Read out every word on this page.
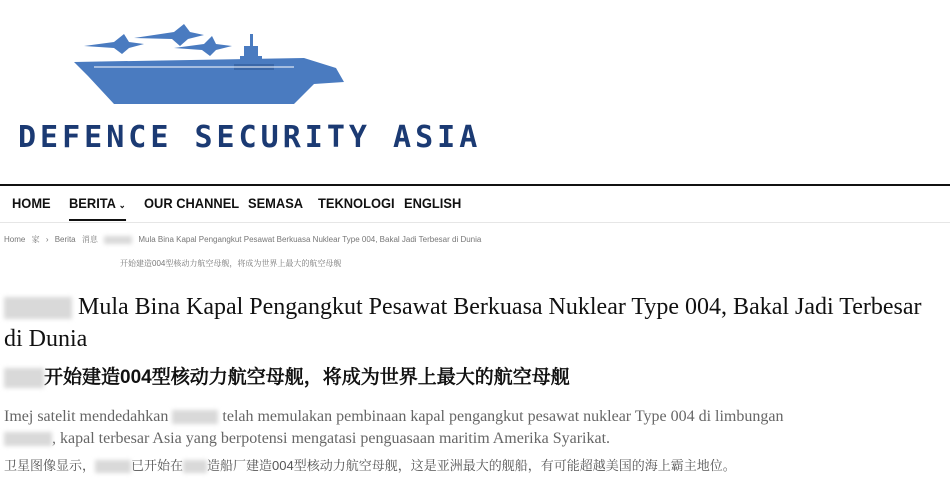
DEFENCE SECURITY ASIA
HOME BERITA ⌄ OUR CHANNEL SEMASA TEKNOLOGI ENGLISH
Home 家 › Berita 消息	Mula Bina Kapal Pengangkut Pesawat Berkuasa Nuklear Type 004, Bakal Jadi Terbesar di Dunia
开始建造004型核动力航空母舰，将成为世界上最大的航空母舰
Mula Bina Kapal Pengangkut Pesawat Berkuasa Nuklear Type 004, Bakal Jadi Terbesar di Dunia
开始建造004型核动力航空母舰，将成为世界上最大的航空母舰
Imej satelit mendedahkan	telah memulakan pembinaan kapal pengangkut pesawat nuklear Type 004 di limbungan
, kapal terbesar Asia yang berpotensi mengatasi penguasaan maritim Amerika Syarikat.
卫星图像显示，	已开始在 造船厂建造004型核动力航空母舰，这是亚洲最大的舰船，有可能超越美国的海上霸主地位。
